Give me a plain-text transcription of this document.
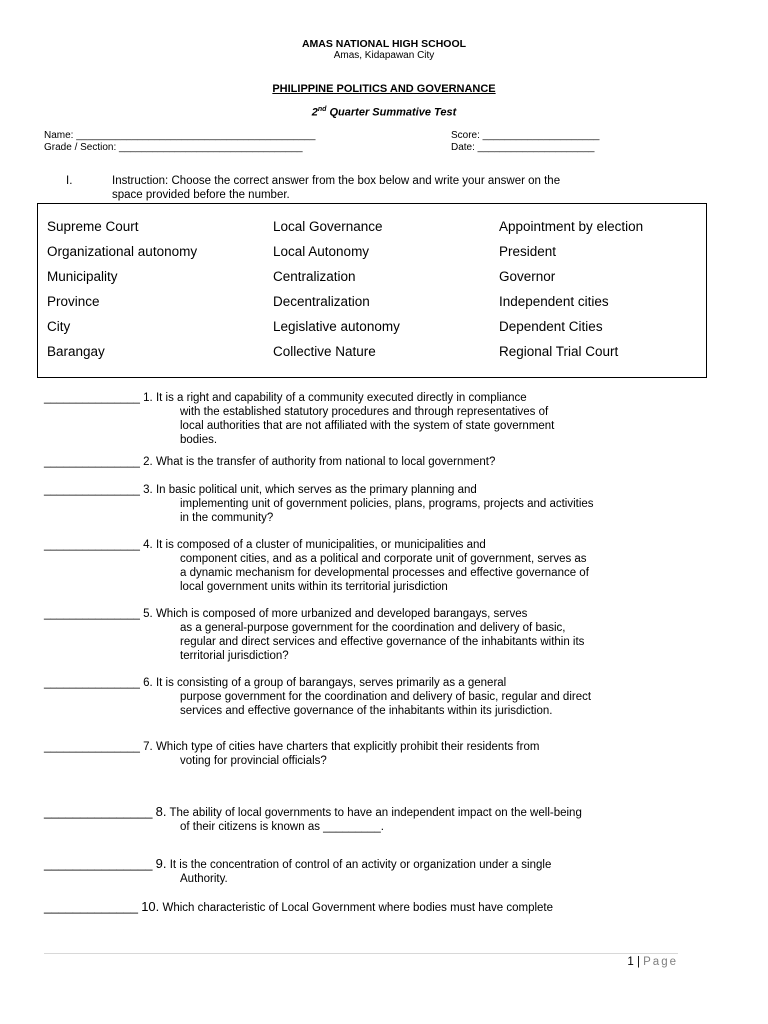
AMAS NATIONAL HIGH SCHOOL
Amas, Kidapawan City
PHILIPPINE POLITICS AND GOVERNANCE
2nd Quarter Summative Test
Name: ___________________________________________
Grade / Section: _________________________________
Score: _____________________
Date: _____________________
I.	Instruction: Choose the correct answer from the box below and write your answer on the
space provided before the number.
Supreme Court
Organizational autonomy
Municipality
Province
City
Barangay
Local Governance
Local Autonomy
Centralization
Decentralization
Legislative autonomy
Collective Nature
Appointment by election
President
Governor
Independent cities
Dependent Cities
Regional Trial Court
_______________ 1. It is a right and capability of a community executed directly in compliance
with the established statutory procedures and through representatives of
local authorities that are not affiliated with the system of state government
bodies.
_______________ 2. What is the transfer of authority from national to local government?
_______________ 3. In basic political unit, which serves as the primary planning and
implementing unit of government policies, plans, programs, projects and activities
in the community?
_______________ 4. It is composed of a cluster of municipalities, or municipalities and
component cities, and as a political and corporate unit of government, serves as
a dynamic mechanism for developmental processes and effective governance of
local government units within its territorial jurisdiction
_______________ 5. Which is composed of more urbanized and developed barangays, serves
as a general-purpose government for the coordination and delivery of basic,
regular and direct services and effective governance of the inhabitants within its
territorial jurisdiction?
_______________ 6. It is consisting of a group of barangays, serves primarily as a general
purpose government for the coordination and delivery of basic, regular and direct
services and effective governance of the inhabitants within its jurisdiction.
_______________ 7. Which type of cities have charters that explicitly prohibit their residents from
voting for provincial officials?
_______________ 8. The ability of local governments to have an independent impact on the well-being
of their citizens is known as _________.
_______________ 9. It is the concentration of control of an activity or organization under a single
Authority.
_____________ 10. Which characteristic of Local Government where bodies must have complete
1 | Page
